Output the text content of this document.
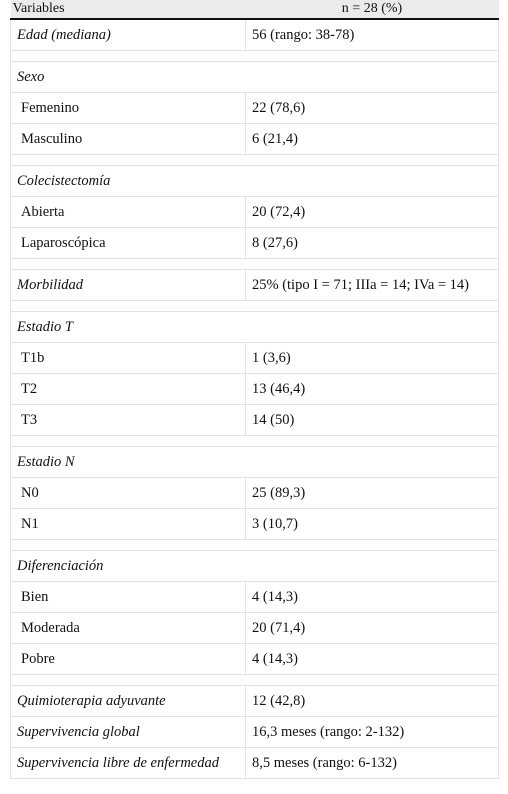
Variables	n = 28 (%)
Edad (mediana)	56 (rango: 38-78)

Sexo	
Femenino	22 (78,6)
Masculino	6 (21,4)

Colecistectomía	
Abierta	20 (72,4)
Laparoscópica	8 (27,6)

Morbilidad	25% (tipo I = 71; IIIa = 14; IVa = 14)

Estadio T	
T1b	1 (3,6)
T2	13 (46,4)
T3	14 (50)

Estadio N	
N0	25 (89,3)
N1	3 (10,7)

Diferenciación	
Bien	4 (14,3)
Moderada	20 (71,4)
Pobre	4 (14,3)

Quimioterapia adyuvante	12 (42,8)
Supervivencia global	16,3 meses (rango: 2-132)
Supervivencia libre de enfermedad	8,5 meses (rango: 6-132)
